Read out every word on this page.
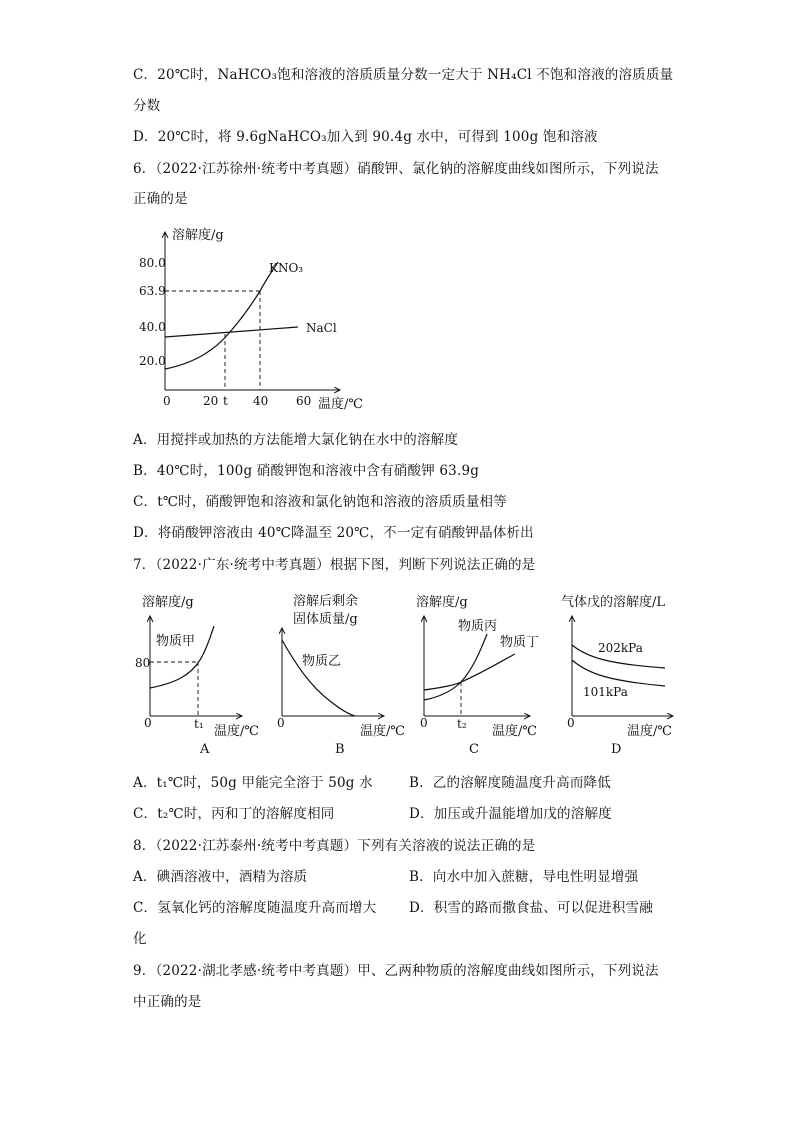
C．20℃时，NaHCO₃饱和溶液的溶质质量分数一定大于 NH₄Cl 不饱和溶液的溶质质量
分数
D．20℃时，将 9.6gNaHCO₃加入到 90.4g 水中，可得到 100g 饱和溶液
6．（2022·江苏徐州·统考中考真题）硝酸钾、氯化钠的溶解度曲线如图所示，下列说法
正确的是
溶解度/g
温度/℃
80.0
63.9
40.0
20.0
0	20 t 40 60
KNO₃
NaCl
A．用搅拌或加热的方法能增大氯化钠在水中的溶解度
B．40℃时，100g 硝酸钾饱和溶液中含有硝酸钾 63.9g
C．t℃时，硝酸钾饱和溶液和氯化钠饱和溶液的溶质质量相等
D．将硝酸钾溶液由 40℃降温至 20℃，不一定有硝酸钾晶体析出
7．（2022·广东·统考中考真题）根据下图，判断下列说法正确的是
溶解度/g
物质甲
80
0	t₁ 温度/℃
A
溶解后剩余
固体质量/g
物质乙
0
温度/℃
B
溶解度/g
物质丙
物质丁
0 t₂ 温度/℃
C
气体戊的溶解度/L
202kPa
101kPa
0
温度/℃
D
A．t₁℃时，50g 甲能完全溶于 50g 水	B．乙的溶解度随温度升高而降低
C．t₂℃时，丙和丁的溶解度相同	D．加压或升温能增加戊的溶解度
8．（2022·江苏泰州·统考中考真题）下列有关溶液的说法正确的是
A．碘酒溶液中，酒精为溶质	B．向水中加入蔗糖，导电性明显增强
C．氢氧化钙的溶解度随温度升高而增大 D．积雪的路而撒食盐、可以促进积雪融
化
9．（2022·湖北孝感·统考中考真题）甲、乙两种物质的溶解度曲线如图所示，下列说法
中正确的是
